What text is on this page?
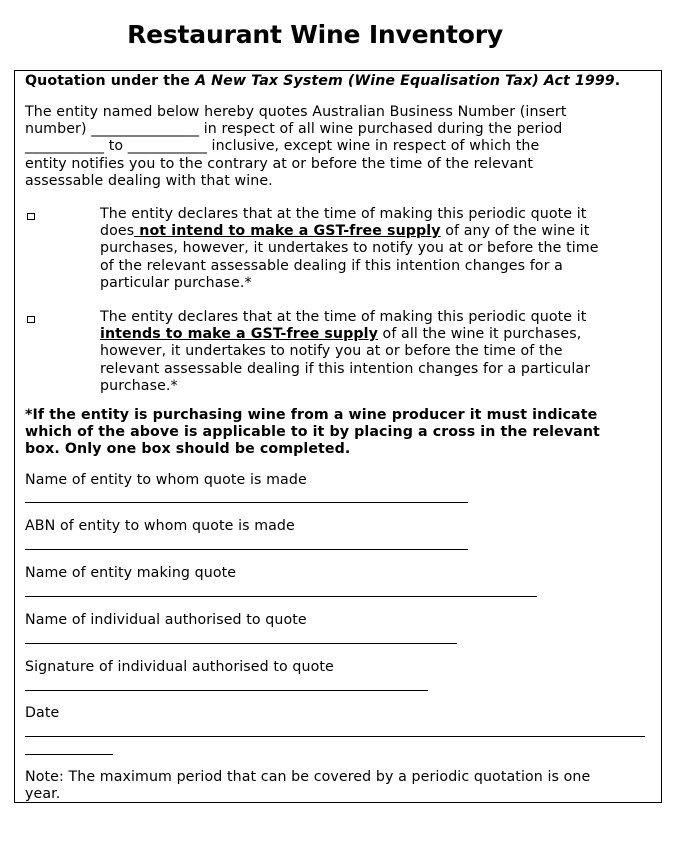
Restaurant Wine Inventory
Quotation under the A New Tax System (Wine Equalisation Tax) Act 1999.
The entity named below hereby quotes Australian Business Number (insert
number) _______________ in respect of all wine purchased during the period
___________ to ___________ inclusive, except wine in respect of which the
entity notifies you to the contrary at or before the time of the relevant
assessable dealing with that wine.
The entity declares that at the time of making this periodic quote it
does not intend to make a GST-free supply of any of the wine it
purchases, however, it undertakes to notify you at or before the time
of the relevant assessable dealing if this intention changes for a
particular purchase.*
The entity declares that at the time of making this periodic quote it
intends to make a GST-free supply of all the wine it purchases,
however, it undertakes to notify you at or before the time of the
relevant assessable dealing if this intention changes for a particular
purchase.*
*If the entity is purchasing wine from a wine producer it must indicate
which of the above is applicable to it by placing a cross in the relevant
box. Only one box should be completed.
Name of entity to whom quote is made
ABN of entity to whom quote is made
Name of entity making quote
Name of individual authorised to quote
Signature of individual authorised to quote
Date
Note: The maximum period that can be covered by a periodic quotation is one
year.
